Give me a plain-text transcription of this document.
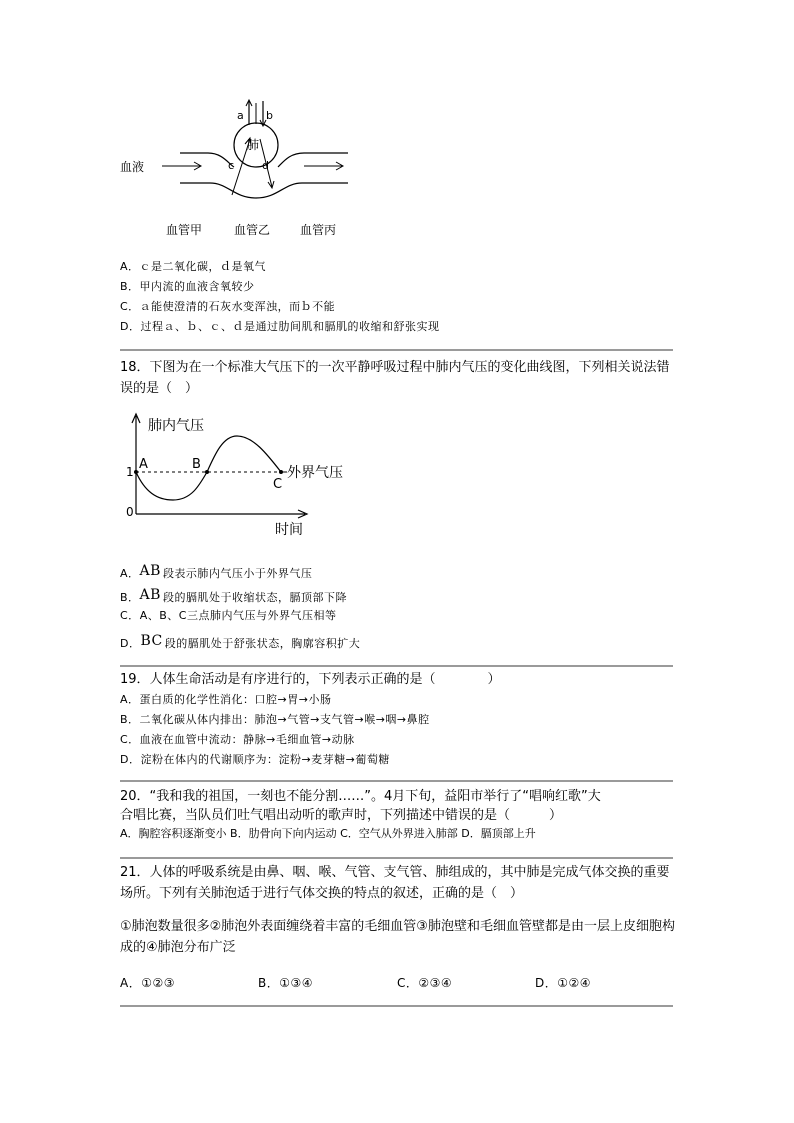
a b
c	d
肺
血液
血管甲	血管乙 血管丙
A．ｃ是二氧化碳，ｄ是氧气
B．甲内流的血液含氧较少
C．ａ能使澄清的石灰水变浑浊，而ｂ不能
D．过程ａ、ｂ、ｃ、ｄ是通过肋间肌和膈肌的收缩和舒张实现
18．下图为在一个标准大气压下的一次平静呼吸过程中肺内气压的变化曲线图，下列相关说法错误的是（　）
肺内气压
时间
1
0
A	B
C
外界气压
A．AB 段表示肺内气压小于外界气压
B．AB 段的膈肌处于收缩状态，膈顶部下降
C．A、B、C三点肺内气压与外界气压相等
D．BC 段的膈肌处于舒张状态，胸廓容积扩大
19．人体生命活动是有序进行的，下列表示正确的是（　　　　）
A．蛋白质的化学性消化：口腔→胃→小肠
B．二氧化碳从体内排出：肺泡→气管→支气管→喉→咽→鼻腔
C．血液在血管中流动：静脉→毛细血管→动脉
D．淀粉在体内的代谢顺序为：淀粉→麦芽糖→葡萄糖
20．“我和我的祖国，一刻也不能分割……”。4月下旬，益阳市举行了“唱响红歌”大
合唱比赛，当队员们吐气唱出动听的歌声时，下列描述中错误的是（　　　）
A．胸腔容积逐渐变小 B．肋骨向下向内运动 C．空气从外界进入肺部 D．膈顶部上升
21．人体的呼吸系统是由鼻、咽、喉、气管、支气管、肺组成的，其中肺是完成气体交换的重要场所。下列有关肺泡适于进行气体交换的特点的叙述，正确的是（　）
①肺泡数量很多②肺泡外表面缠绕着丰富的毛细血管③肺泡壁和毛细血管壁都是由一层上皮细胞构成的④肺泡分布广泛
A．①②③	B．①③④	C．②③④	D．①②④
